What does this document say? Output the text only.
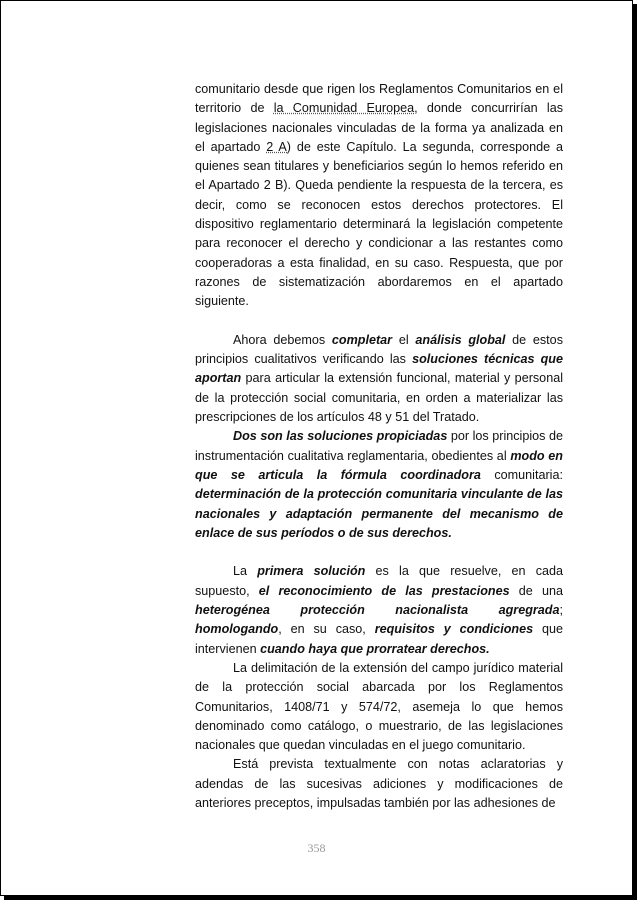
comunitario desde que rigen los Reglamentos Comunitarios en el territorio de la Comunidad Europea, donde concurrirían las legislaciones nacionales vinculadas de la forma ya analizada en el apartado 2 A) de este Capítulo. La segunda, corresponde a quienes sean titulares y beneficiarios según lo hemos referido en el Apartado 2 B). Queda pendiente la respuesta de la tercera, es decir, como se reconocen estos derechos protectores. El dispositivo reglamentario determinará la legislación competente para reconocer el derecho y condicionar a las restantes como cooperadoras a esta finalidad, en su caso. Respuesta, que por razones de sistematización abordaremos en el apartado siguiente.

Ahora debemos completar el análisis global de estos principios cualitativos verificando las soluciones técnicas que aportan para articular la extensión funcional, material y personal de la protección social comunitaria, en orden a materializar las prescripciones de los artículos 48 y 51 del Tratado.

Dos son las soluciones propiciadas por los principios de instrumentación cualitativa reglamentaria, obedientes al modo en que se articula la fórmula coordinadora comunitaria: determinación de la protección comunitaria vinculante de las nacionales y adaptación permanente del mecanismo de enlace de sus períodos o de sus derechos.

La primera solución es la que resuelve, en cada supuesto, el reconocimiento de las prestaciones de una heterogénea protección nacionalista agregrada; homologando, en su caso, requisitos y condiciones que intervienen cuando haya que prorratear derechos.

La delimitación de la extensión del campo jurídico material de la protección social abarcada por los Reglamentos Comunitarios, 1408/71 y 574/72, asemeja lo que hemos denominado como catálogo, o muestrario, de las legislaciones nacionales que quedan vinculadas en el juego comunitario.

Está prevista textualmente con notas aclaratorias y adendas de las sucesivas adiciones y modificaciones de anteriores preceptos, impulsadas también por las adhesiones de

358
